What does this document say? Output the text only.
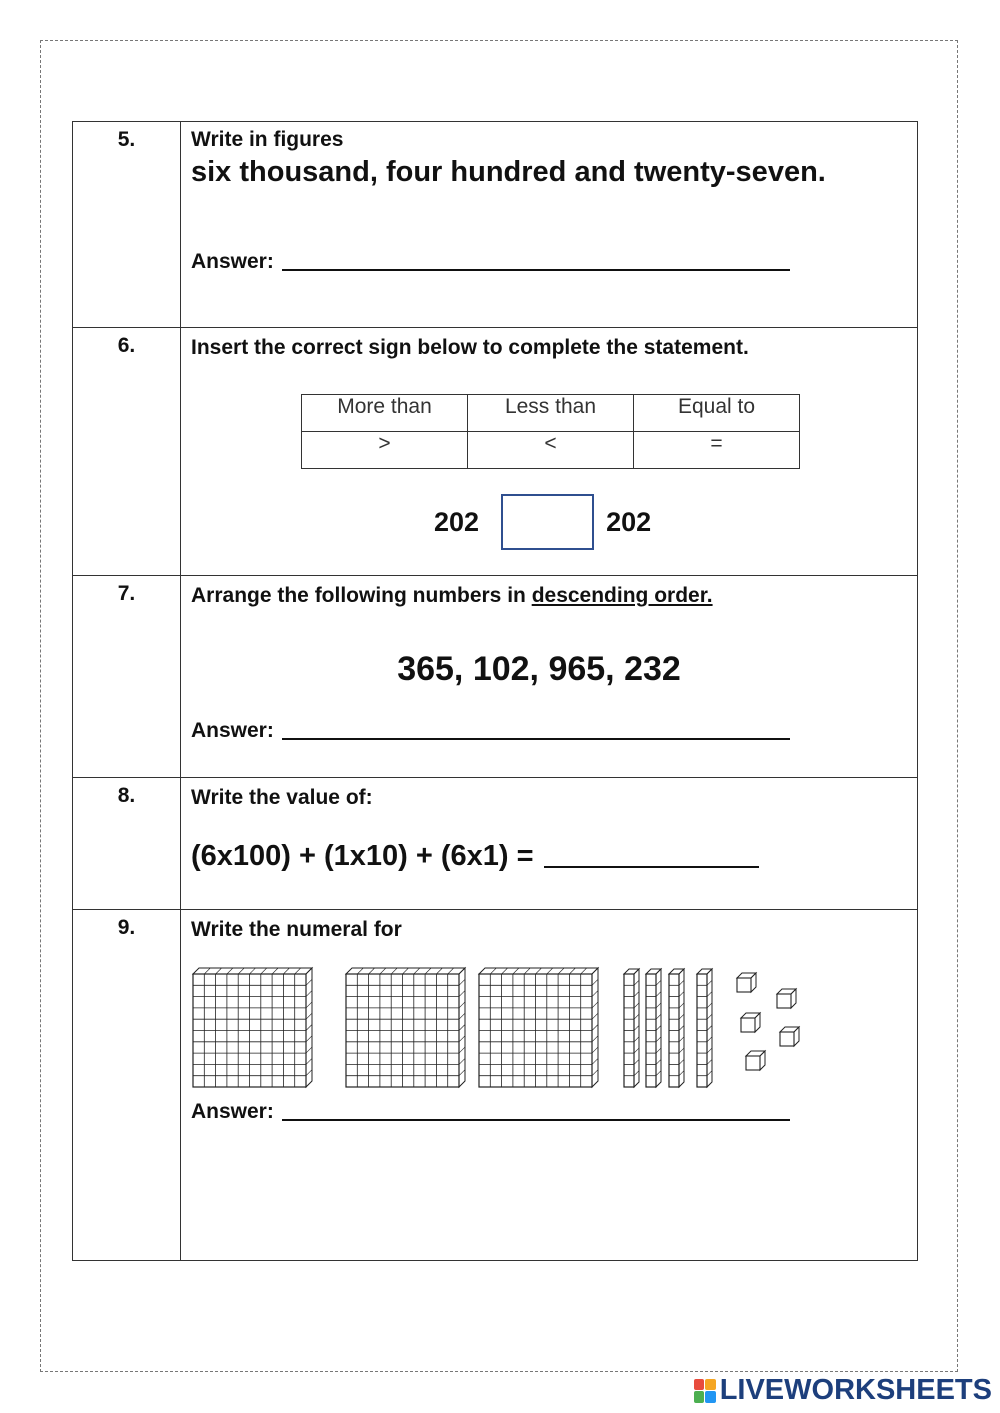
5.	Write in figures
six thousand, four hundred and twenty-seven.
Answer:

6.	Insert the correct sign below to complete the statement.
More than	Less than	Equal to
>	<	=
202	202

7.	Arrange the following numbers in descending order.
365, 102, 965, 232
Answer:

8.	Write the value of:
(6x100) + (1x10) + (6x1) =

9.	Write the numeral for
Answer:
LIVEWORKSHEETS
